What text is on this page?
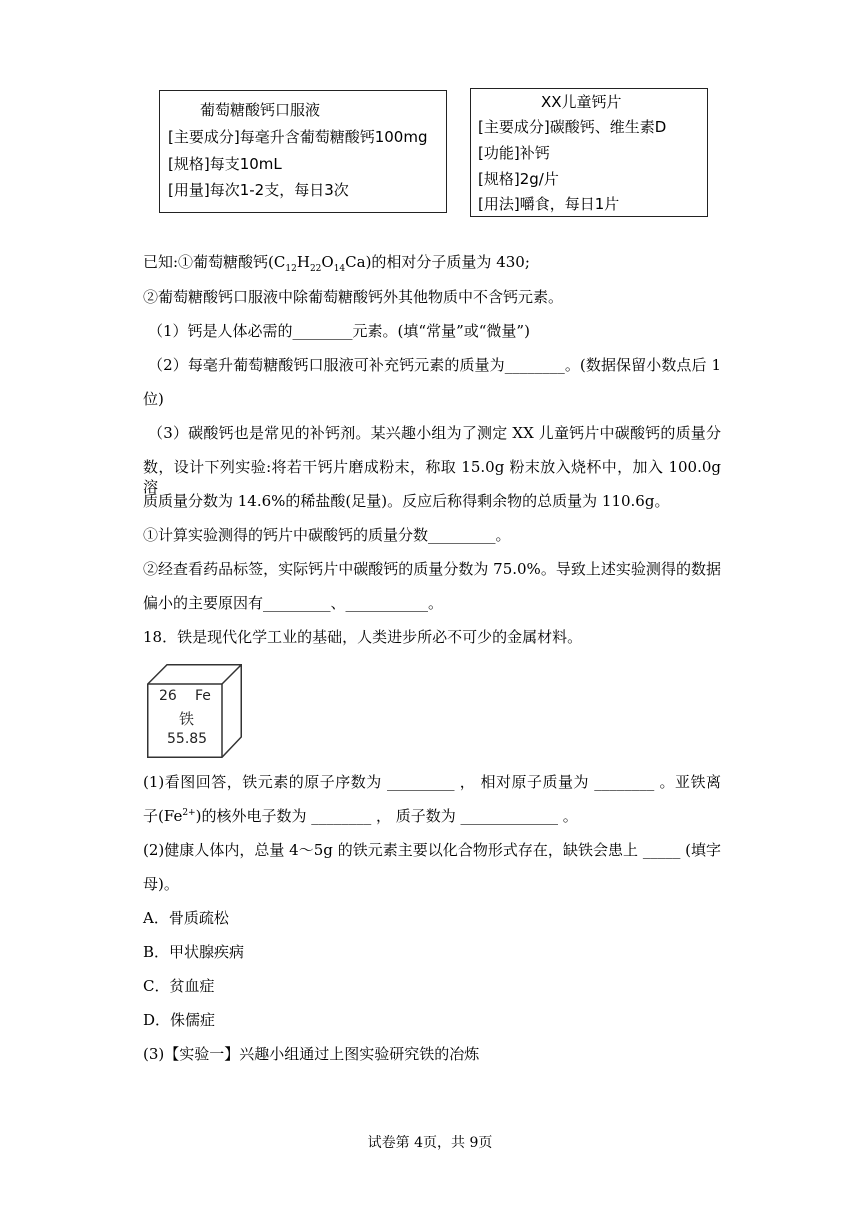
葡萄糖酸钙口服液
[主要成分]每毫升含葡萄糖酸钙100mg
[规格]每支10mL
[用量]每次1-2支，每日3次
XX儿童钙片
[主要成分]碳酸钙、维生素D
[功能]补钙
[规格]2g/片
[用法]嚼食，每日1片
已知:①葡萄糖酸钙$(C_{12}H_{22}O_{14}Ca)$的相对分子质量为 430;
②葡萄糖酸钙口服液中除葡萄糖酸钙外其他物质中不含钙元素。
（1）钙是人体必需的________元素。(填“常量”或“微量”)
（2）每毫升葡萄糖酸钙口服液可补充钙元素的质量为________。(数据保留小数点后 1
位)
（3）碳酸钙也是常见的补钙剂。某兴趣小组为了测定 XX 儿童钙片中碳酸钙的质量分
数，设计下列实验:将若干钙片磨成粉末，称取 15.0g 粉末放入烧杯中，加入 100.0g 溶
质质量分数为 14.6%的稀盐酸(足量)。反应后称得剩余物的总质量为 110.6g。
①计算实验测得的钙片中碳酸钙的质量分数_________。
②经查看药品标签，实际钙片中碳酸钙的质量分数为 75.0%。导致上述实验测得的数据
偏小的主要原因有_________、___________。
18．铁是现代化学工业的基础，人类进步所必不可少的金属材料。
26 Fe
铁
55.85
(1)看图回答，铁元素的原子序数为 _________ ， 相对原子质量为 ________ 。亚铁离
子$(Fe^{2+})$的核外电子数为 ________ ， 质子数为 _____________ 。
(2)健康人体内，总量 4～5g 的铁元素主要以化合物形式存在，缺铁会患上 _____ (填字
母)。
A．骨质疏松
B．甲状腺疾病
C．贫血症
D．侏儒症
(3)【实验一】兴趣小组通过上图实验研究铁的冶炼
试卷第 4页，共 9页
